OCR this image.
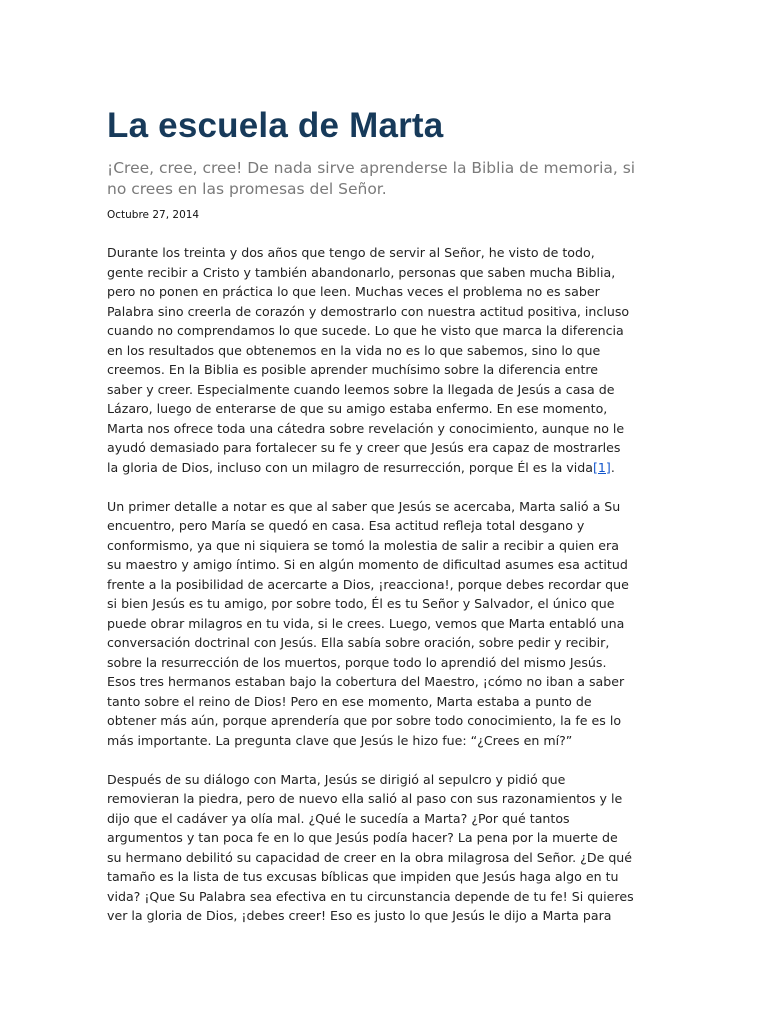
La escuela de Marta
¡Cree, cree, cree! De nada sirve aprenderse la Biblia de memoria, si
no crees en las promesas del Señor.
Octubre 27, 2014
Durante los treinta y dos años que tengo de servir al Señor, he visto de todo,
gente recibir a Cristo y también abandonarlo, personas que saben mucha Biblia,
pero no ponen en práctica lo que leen. Muchas veces el problema no es saber
Palabra sino creerla de corazón y demostrarlo con nuestra actitud positiva, incluso
cuando no comprendamos lo que sucede. Lo que he visto que marca la diferencia
en los resultados que obtenemos en la vida no es lo que sabemos, sino lo que
creemos. En la Biblia es posible aprender muchísimo sobre la diferencia entre
saber y creer. Especialmente cuando leemos sobre la llegada de Jesús a casa de
Lázaro, luego de enterarse de que su amigo estaba enfermo. En ese momento,
Marta nos ofrece toda una cátedra sobre revelación y conocimiento, aunque no le
ayudó demasiado para fortalecer su fe y creer que Jesús era capaz de mostrarles
la gloria de Dios, incluso con un milagro de resurrección, porque Él es la vida[1].
Un primer detalle a notar es que al saber que Jesús se acercaba, Marta salió a Su
encuentro, pero María se quedó en casa. Esa actitud refleja total desgano y
conformismo, ya que ni siquiera se tomó la molestia de salir a recibir a quien era
su maestro y amigo íntimo. Si en algún momento de dificultad asumes esa actitud
frente a la posibilidad de acercarte a Dios, ¡reacciona!, porque debes recordar que
si bien Jesús es tu amigo, por sobre todo, Él es tu Señor y Salvador, el único que
puede obrar milagros en tu vida, si le crees. Luego, vemos que Marta entabló una
conversación doctrinal con Jesús. Ella sabía sobre oración, sobre pedir y recibir,
sobre la resurrección de los muertos, porque todo lo aprendió del mismo Jesús.
Esos tres hermanos estaban bajo la cobertura del Maestro, ¡cómo no iban a saber
tanto sobre el reino de Dios! Pero en ese momento, Marta estaba a punto de
obtener más aún, porque aprendería que por sobre todo conocimiento, la fe es lo
más importante. La pregunta clave que Jesús le hizo fue: “¿Crees en mí?”
Después de su diálogo con Marta, Jesús se dirigió al sepulcro y pidió que
removieran la piedra, pero de nuevo ella salió al paso con sus razonamientos y le
dijo que el cadáver ya olía mal. ¿Qué le sucedía a Marta? ¿Por qué tantos
argumentos y tan poca fe en lo que Jesús podía hacer? La pena por la muerte de
su hermano debilitó su capacidad de creer en la obra milagrosa del Señor. ¿De qué
tamaño es la lista de tus excusas bíblicas que impiden que Jesús haga algo en tu
vida? ¡Que Su Palabra sea efectiva en tu circunstancia depende de tu fe! Si quieres
ver la gloria de Dios, ¡debes creer! Eso es justo lo que Jesús le dijo a Marta para
